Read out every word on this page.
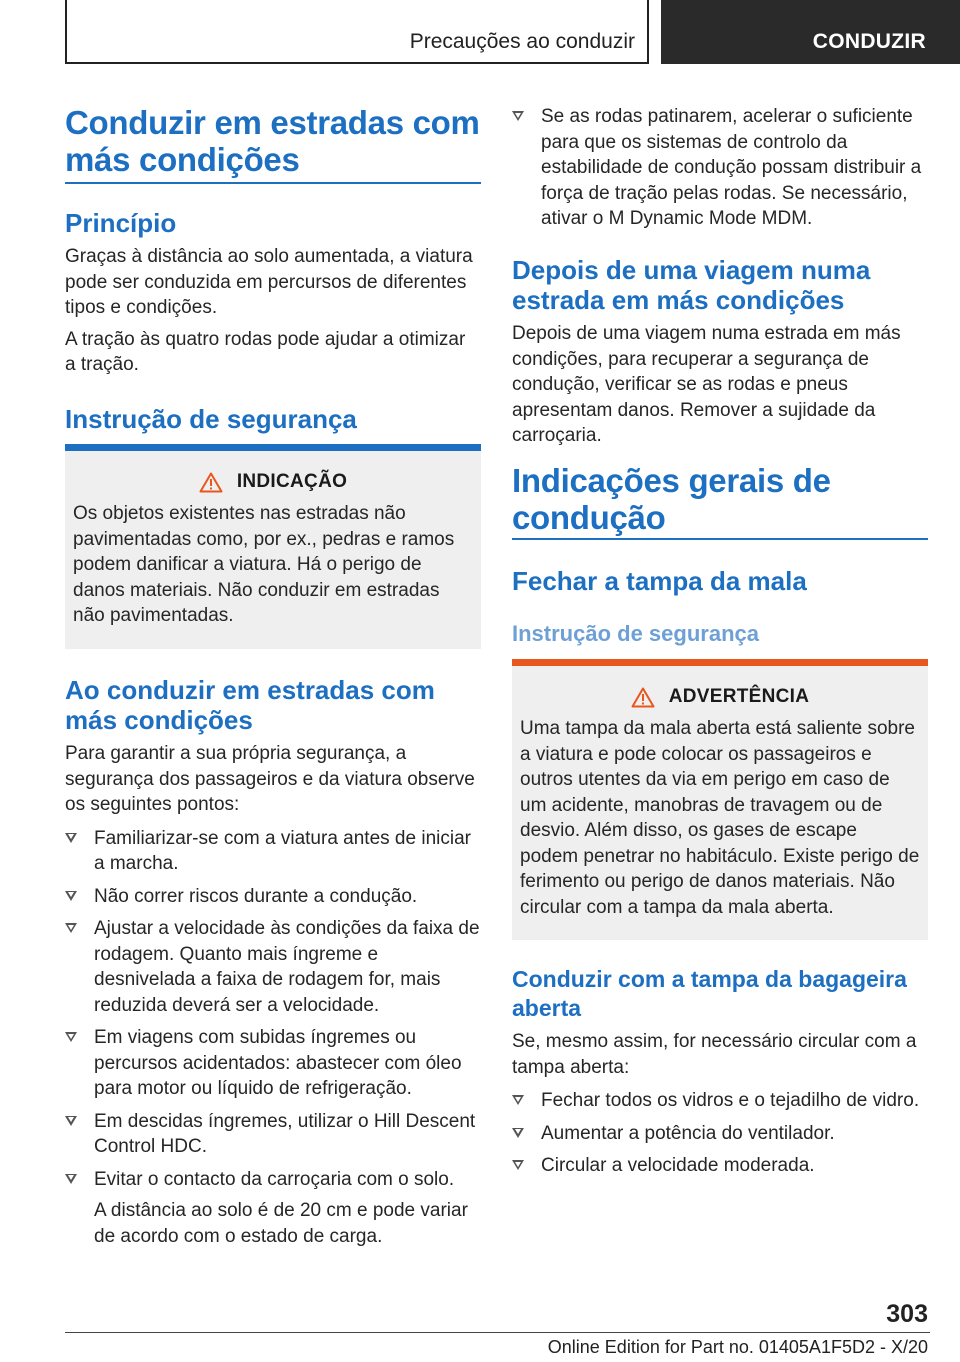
Precauções ao conduzir	CONDUZIR
Conduzir em estradas com más condições
Princípio

Graças à distância ao solo aumentada, a viatura pode ser conduzida em percursos de diferentes tipos e condições.

A tração às quatro rodas pode ajudar a otimizar a tração.

Instrução de segurança
INDICAÇÃO

Os objetos existentes nas estradas não pavimentadas como, por ex., pedras e ramos podem danificar a viatura. Há o perigo de danos materiais. Não conduzir em estradas não pavimentadas.

Ao conduzir em estradas com más condições

Para garantir a sua própria segurança, a segurança dos passageiros e da viatura observe os seguintes pontos:

Familiarizar-se com a viatura antes de iniciar a marcha.
Não correr riscos durante a condução.
Ajustar a velocidade às condições da faixa de rodagem. Quanto mais íngreme e desnivelada a faixa de rodagem for, mais reduzida deverá ser a velocidade.
Em viagens com subidas íngremes ou percursos acidentados: abastecer com óleo para motor ou líquido de refrigeração.
Em descidas íngremes, utilizar o Hill Descent Control HDC.
Evitar o contacto da carroçaria com o solo.

A distância ao solo é de 20 cm e pode variar de acordo com o estado de carga.

Se as rodas patinarem, acelerar o suficiente para que os sistemas de controlo da estabilidade de condução possam distribuir a força de tração pelas rodas. Se necessário, ativar o M Dynamic Mode MDM.
Depois de uma viagem numa estrada em más condições

Depois de uma viagem numa estrada em más condições, para recuperar a segurança de condução, verificar se as rodas e pneus apresentam danos. Remover a sujidade da carroçaria.

Indicações gerais de condução
Fechar a tampa da mala
Instrução de segurança
ADVERTÊNCIA

Uma tampa da mala aberta está saliente sobre a viatura e pode colocar os passageiros e outros utentes da via em perigo em caso de um acidente, manobras de travagem ou de desvio. Além disso, os gases de escape podem penetrar no habitáculo. Existe perigo de ferimento ou perigo de danos materiais. Não circular com a tampa da mala aberta.

Conduzir com a tampa da bagageira aberta

Se, mesmo assim, for necessário circular com a tampa aberta:

Fechar todos os vidros e o tejadilho de vidro.
Aumentar a potência do ventilador.
Circular a velocidade moderada.
303
Online Edition for Part no. 01405A1F5D2 - X/20
